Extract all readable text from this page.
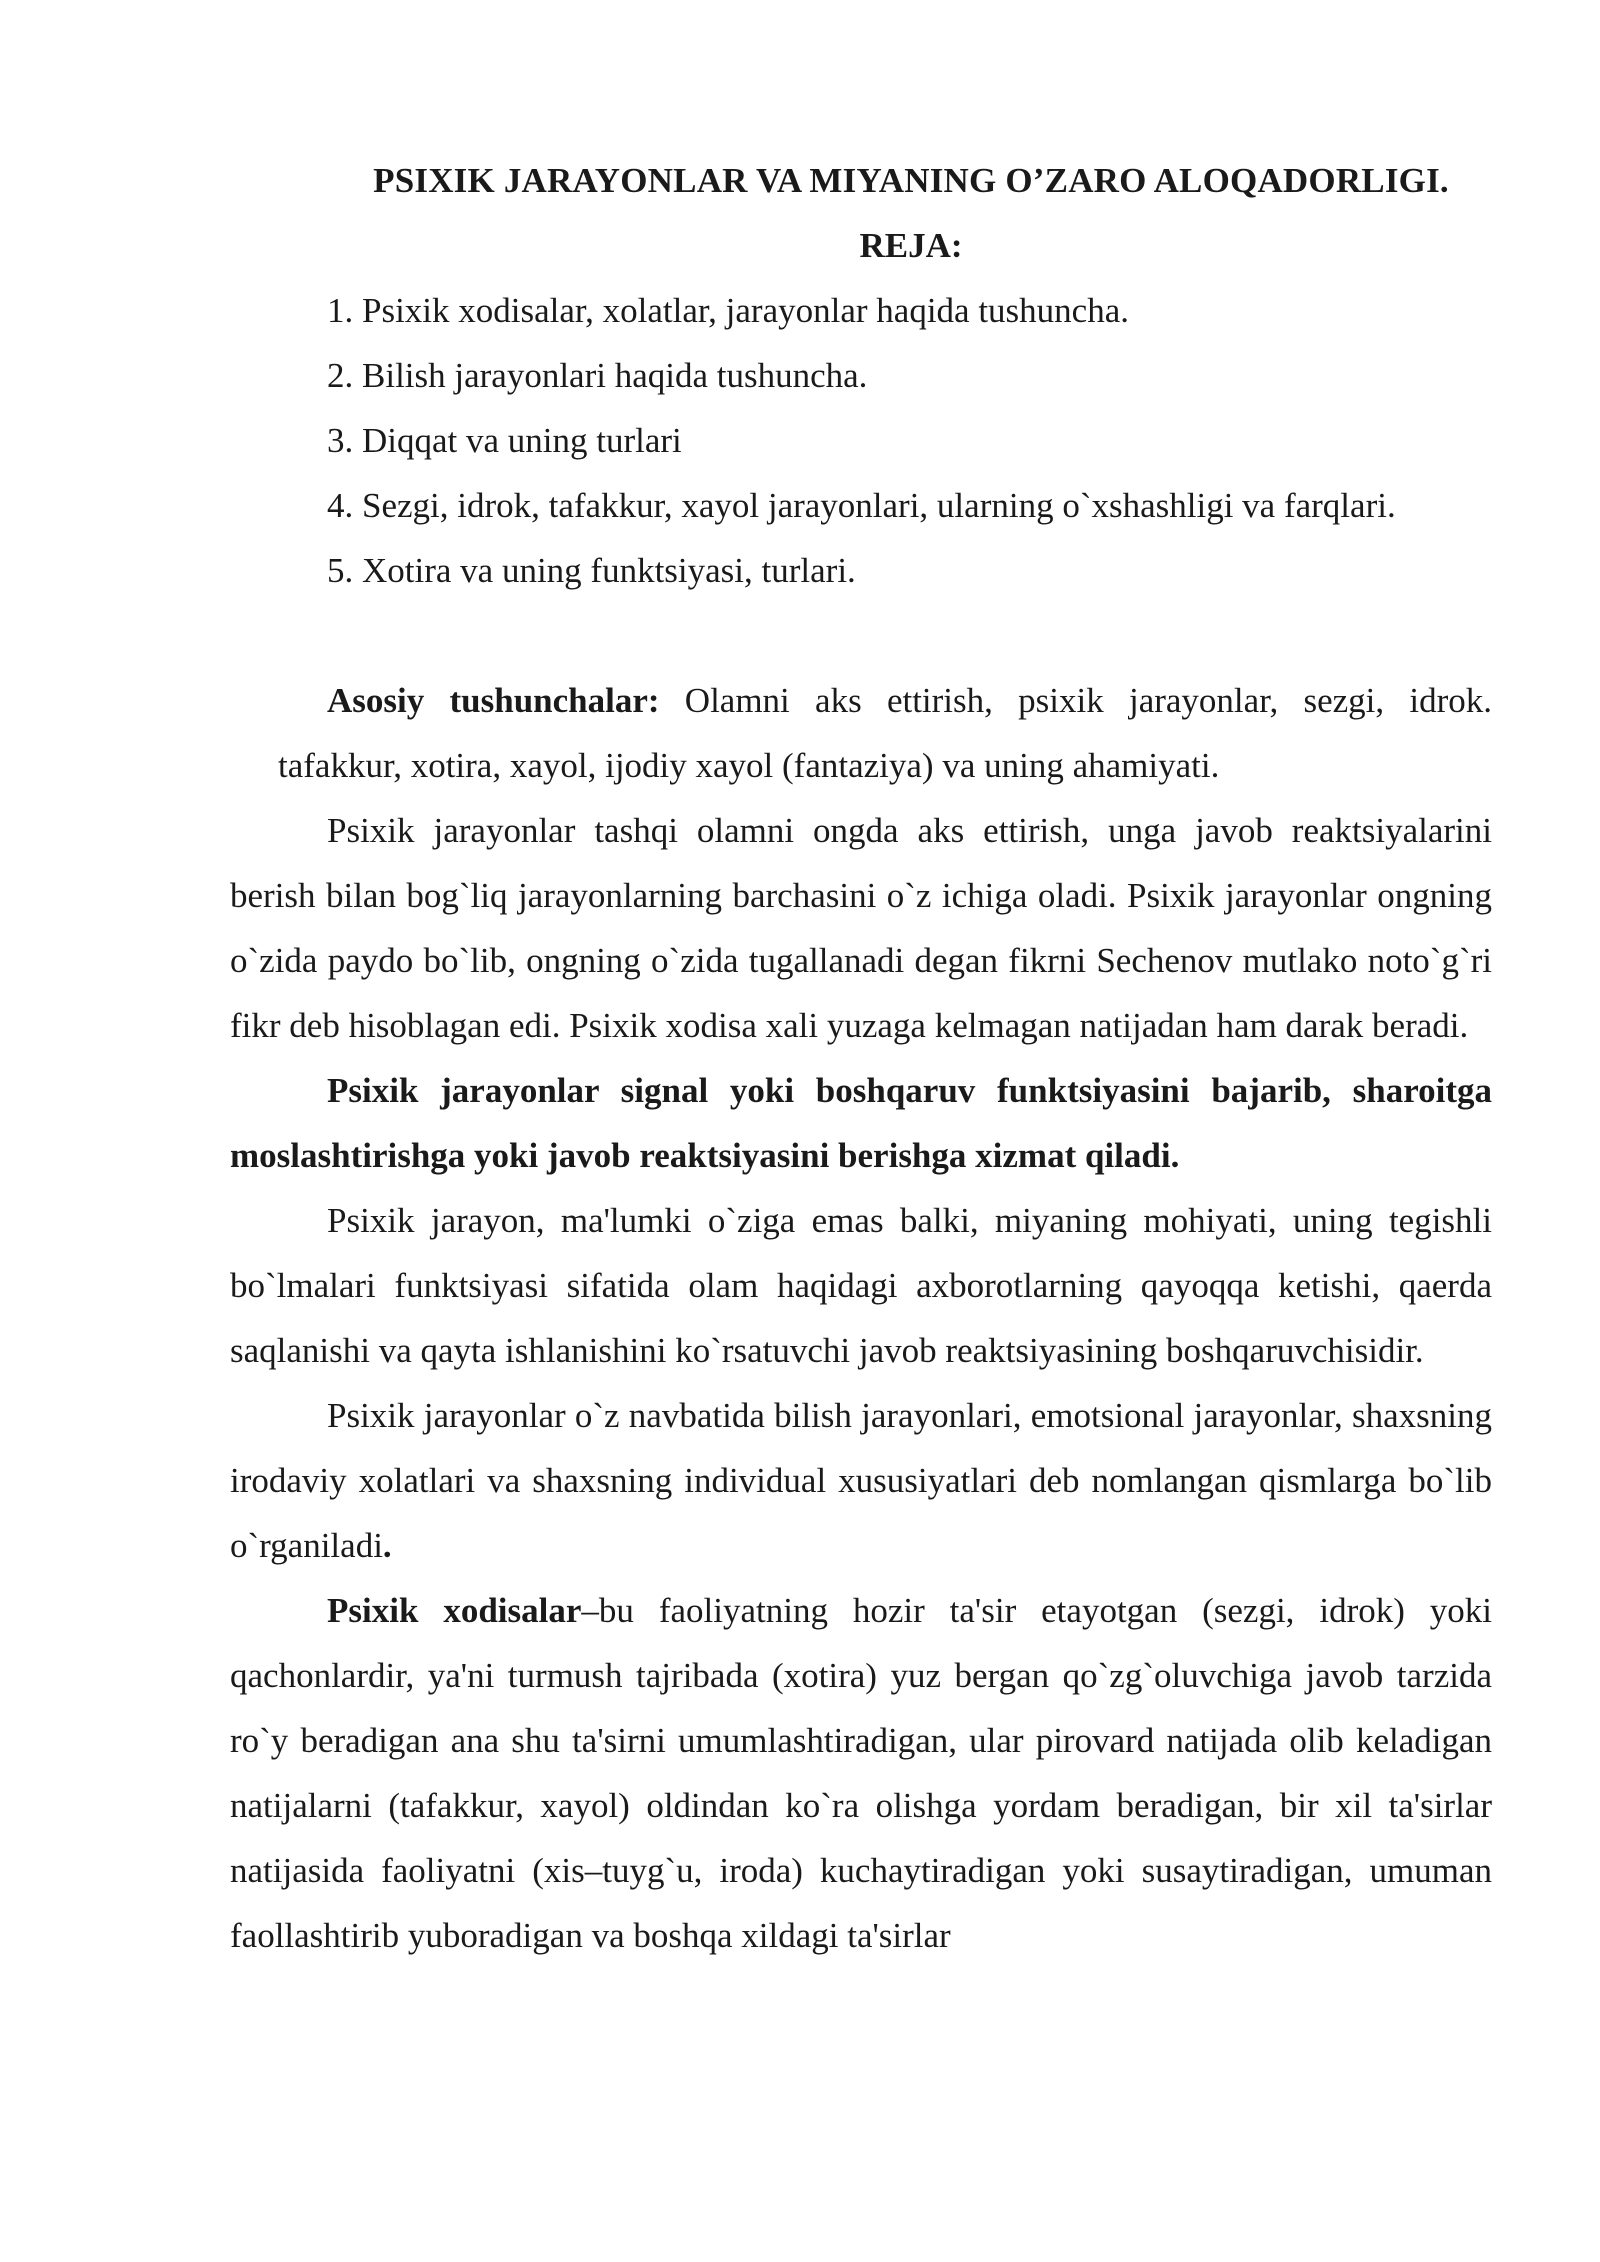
PSIXIK JARAYONLAR VA MIYANING O’ZARO ALOQADORLIGI.

REJA:

1. Psixik xodisalar, xolatlar, jarayonlar haqida tushuncha.
2. Bilish jarayonlari haqida tushuncha.
3. Diqqat va uning turlari
4. Sezgi, idrok, tafakkur, xayol jarayonlari, ularning o`xshashligi va farqlari.
5. Xotira va uning funktsiyasi, turlari.

Asosiy tushunchalar: Olamni aks ettirish, psixik jarayonlar, sezgi, idrok. tafakkur, xotira, xayol, ijodiy xayol (fantaziya) va uning ahamiyati.

Psixik jarayonlar tashqi olamni ongda aks ettirish, unga javob reaktsiyalarini berish bilan bog`liq jarayonlarning barchasini o`z ichiga oladi. Psixik jarayonlar ongning o`zida paydo bo`lib, ongning o`zida tugallanadi degan fikrni Sechenov mutlako noto`g`ri fikr deb hisoblagan edi. Psixik xodisa xali yuzaga kelmagan natijadan ham darak beradi.

Psixik jarayonlar signal yoki boshqaruv funktsiyasini bajarib, sharoitga moslashtirishga yoki javob reaktsiyasini berishga xizmat qiladi.

Psixik jarayon, ma'lumki o`ziga emas balki, miyaning mohiyati, uning tegishli bo`lmalari funktsiyasi sifatida olam haqidagi axborotlarning qayoqqa ketishi, qaerda saqlanishi va qayta ishlanishini ko`rsatuvchi javob reaktsiyasining boshqaruvchisidir.

Psixik jarayonlar o`z navbatida bilish jarayonlari, emotsional jarayonlar, shaxsning irodaviy xolatlari va shaxsning individual xususiyatlari deb nomlangan qismlarga bo`lib o`rganiladi.

Psixik xodisalar–bu faoliyatning hozir ta'sir etayotgan (sezgi, idrok) yoki qachonlardir, ya'ni turmush tajribada (xotira) yuz bergan qo`zg`oluvchiga javob tarzida ro`y beradigan ana shu ta'sirni umumlashtiradigan, ular pirovard natijada olib keladigan natijalarni (tafakkur, xayol) oldindan ko`ra olishga yordam beradigan, bir xil ta'sirlar natijasida faoliyatni (xis–tuyg`u, iroda) kuchaytiradigan yoki susaytiradigan, umuman faollashtirib yuboradigan va boshqa xildagi ta'sirlar
